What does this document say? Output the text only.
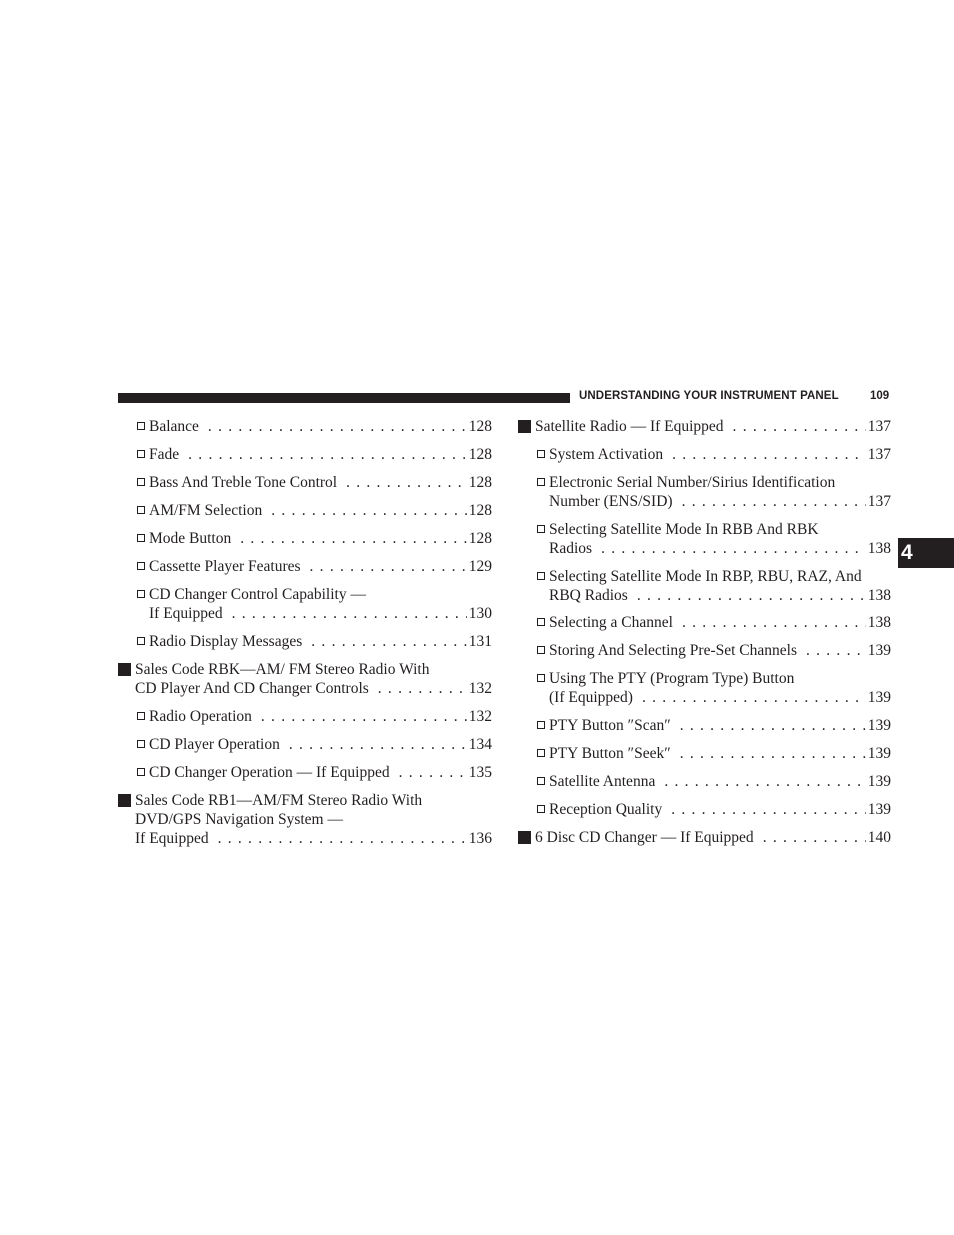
UNDERSTANDING YOUR INSTRUMENT PANEL	109
4
Balance . . .	128
Fade . . .	128
Bass And Treble Tone Control . . .	128
AM/FM Selection . . .	128
Mode Button . . .	128
Cassette Player Features . . .	129
CD Changer Control Capability —
If Equipped . . .	130
Radio Display Messages . . .	131
Sales Code RBK—AM/ FM Stereo Radio With
CD Player And CD Changer Controls . . .	132
Radio Operation . . .	132
CD Player Operation . . .	134
CD Changer Operation — If Equipped . . .	135
Sales Code RB1—AM/FM Stereo Radio With
DVD/GPS Navigation System —
If Equipped . . .	136
Satellite Radio — If Equipped . . .	137
System Activation . . .	137
Electronic Serial Number/Sirius Identification
Number (ENS/SID) . . .	137
Selecting Satellite Mode In RBB And RBK
Radios . . .	138
Selecting Satellite Mode In RBP, RBU, RAZ, And
RBQ Radios . . .	138
Selecting a Channel . . .	138
Storing And Selecting Pre-Set Channels . . .	139
Using The PTY (Program Type) Button
(If Equipped) . . .	139
PTY Button ″Scan″ . . .	139
PTY Button ″Seek″ . . .	139
Satellite Antenna . . .	139
Reception Quality . . .	139
6 Disc CD Changer — If Equipped . . .	140
